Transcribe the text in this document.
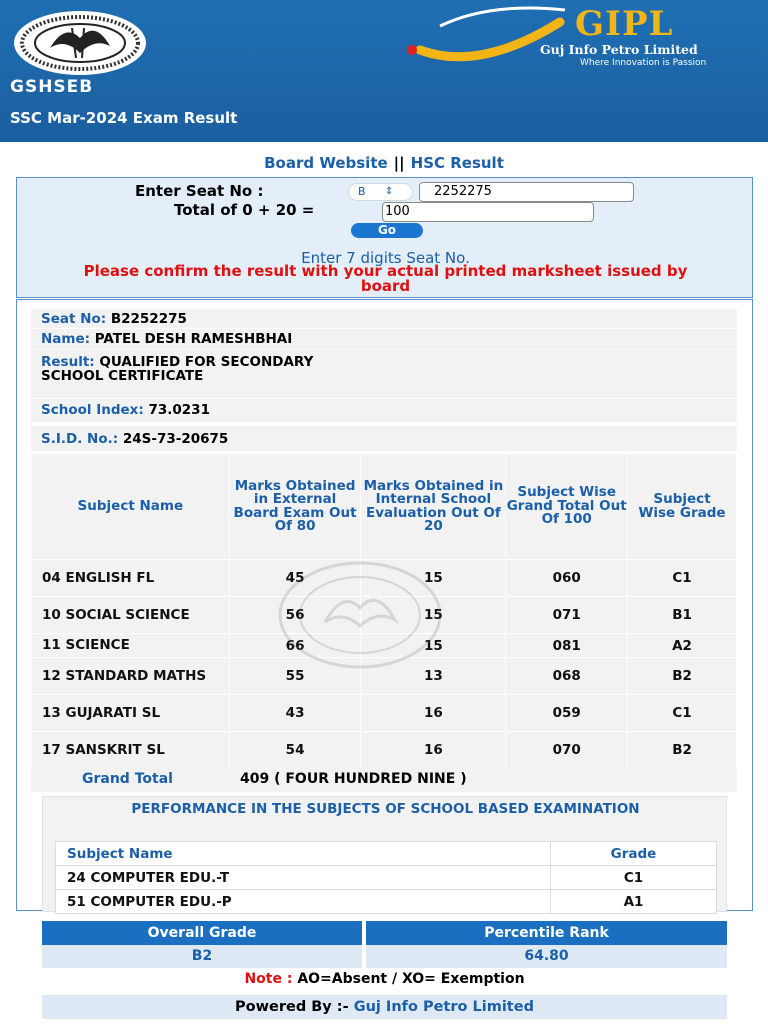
GSHSEB
SSC Mar-2024 Exam Result
GIPL
Guj Info Petro Limited
Where Innovation is Passion
Board Website || HSC Result
Enter Seat No :	B ⇕	2252275
Total of 0 + 20 =	100
Go
Enter 7 digits Seat No.
Please confirm the result with your actual printed marksheet issued by board
Seat No: B2252275
Name: PATEL DESH RAMESHBHAI
Result: QUALIFIED FOR SECONDARY SCHOOL CERTIFICATE
School Index: 73.0231
S.I.D. No.: 24S-73-20675
Subject Name	Marks Obtained in External Board Exam Out Of 80	Marks Obtained in Internal School Evaluation Out Of 20	Subject Wise Grand Total Out Of 100	Subject Wise Grade
04 ENGLISH FL	45	15	060	C1
10 SOCIAL SCIENCE	56	15	071	B1
11 SCIENCE	66	15	081	A2
12 STANDARD MATHS	55	13	068	B2
13 GUJARATI SL	43	16	059	C1
17 SANSKRIT SL	54	16	070	B2
Grand Total	409 ( FOUR HUNDRED NINE )
PERFORMANCE IN THE SUBJECTS OF SCHOOL BASED EXAMINATION
Subject Name	Grade
24 COMPUTER EDU.-T	C1
51 COMPUTER EDU.-P	A1
Overall Grade	Percentile Rank
B2	64.80
Note : AO=Absent / XO= Exemption
Powered By :- Guj Info Petro Limited
